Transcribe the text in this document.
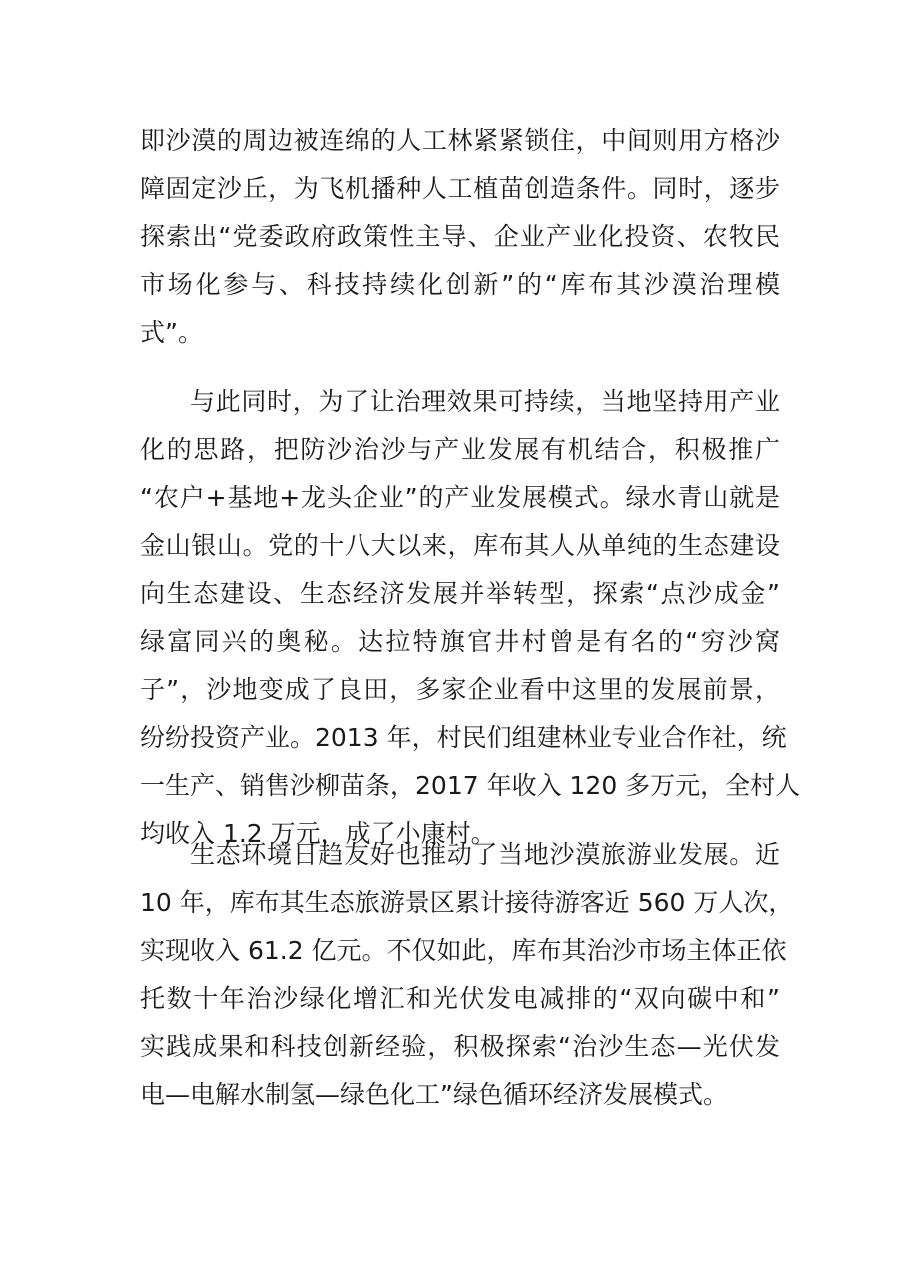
即沙漠的周边被连绵的人工林紧紧锁住，中间则用方格沙
障固定沙丘，为飞机播种人工植苗创造条件。同时，逐步
探索出“党委政府政策性主导、企业产业化投资、农牧民
市场化参与、科技持续化创新”的“库布其沙漠治理模
式”。
与此同时，为了让治理效果可持续，当地坚持用产业
化的思路，把防沙治沙与产业发展有机结合，积极推广
“农户+基地+龙头企业”的产业发展模式。绿水青山就是
金山银山。党的十八大以来，库布其人从单纯的生态建设
向生态建设、生态经济发展并举转型，探索“点沙成金”
绿富同兴的奥秘。达拉特旗官井村曾是有名的“穷沙窝
子”，沙地变成了良田，多家企业看中这里的发展前景，
纷纷投资产业。2013 年，村民们组建林业专业合作社，统
一生产、销售沙柳苗条，2017 年收入 120 多万元，全村人
均收入 1.2 万元，成了小康村。
生态环境日趋友好也推动了当地沙漠旅游业发展。近
10 年，库布其生态旅游景区累计接待游客近 560 万人次，
实现收入 61.2 亿元。不仅如此，库布其治沙市场主体正依
托数十年治沙绿化增汇和光伏发电减排的“双向碳中和”
实践成果和科技创新经验，积极探索“治沙生态—光伏发
电—电解水制氢—绿色化工”绿色循环经济发展模式。
